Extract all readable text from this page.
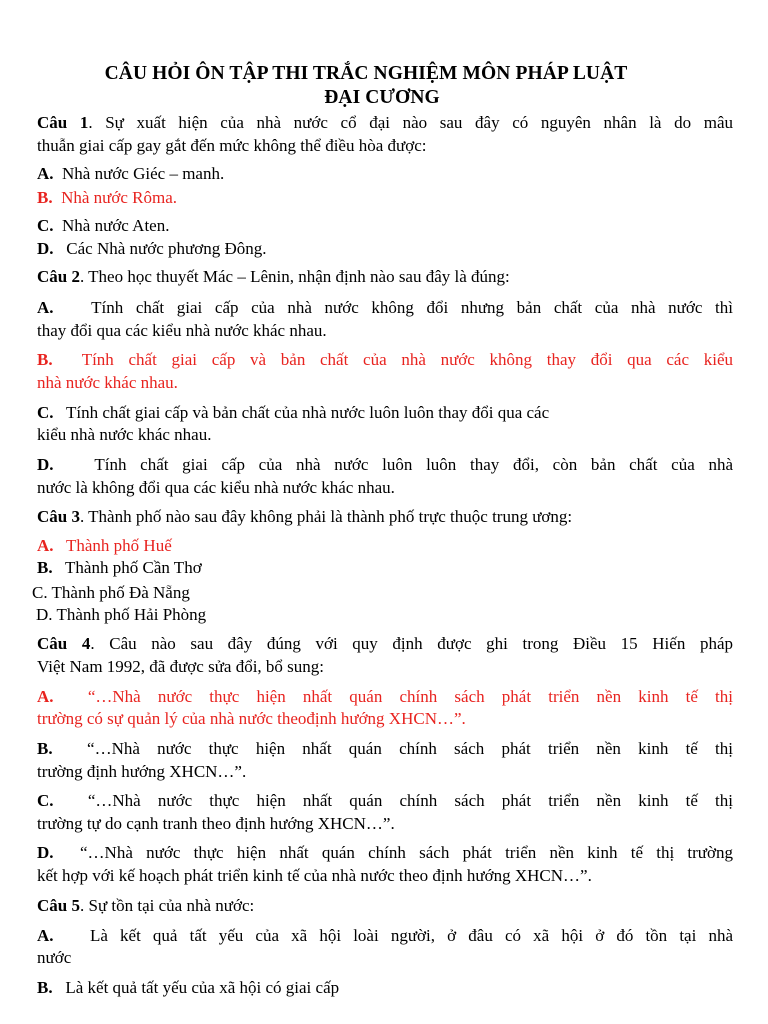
CÂU HỎI ÔN TẬP THI TRẮC NGHIỆM MÔN PHÁP LUẬT
ĐẠI CƯƠNG
Câu 1. Sự xuất hiện của nhà nước cổ đại nào sau đây có nguyên nhân là do mâu
thuẫn giai cấp gay gắt đến mức không thể điều hòa được:
A. Nhà nước Giéc – manh.
B. Nhà nước Rôma.
C. Nhà nước Aten.
D. Các Nhà nước phương Đông.
Câu 2. Theo học thuyết Mác – Lênin, nhận định nào sau đây là đúng:
A. Tính chất giai cấp của nhà nước không đổi nhưng bản chất của nhà nước thì
thay đổi qua các kiểu nhà nước khác nhau.
B. Tính chất giai cấp và bản chất của nhà nước không thay đổi qua các kiểu
nhà nước khác nhau.
C. Tính chất giai cấp và bản chất của nhà nước luôn luôn thay đổi qua các
kiểu nhà nước khác nhau.
D. Tính chất giai cấp của nhà nước luôn luôn thay đổi, còn bản chất của nhà
nước là không đổi qua các kiểu nhà nước khác nhau.
Câu 3. Thành phố nào sau đây không phải là thành phố trực thuộc trung ương:
A. Thành phố Huế
B. Thành phố Cần Thơ
C. Thành phố Đà Nẵng
D. Thành phố Hải Phòng
Câu 4. Câu nào sau đây đúng với quy định được ghi trong Điều 15 Hiến pháp
Việt Nam 1992, đã được sửa đổi, bổ sung:
A. “…Nhà nước thực hiện nhất quán chính sách phát triển nền kinh tế thị
trường có sự quản lý của nhà nước theođịnh hướng XHCN…”.
B. “…Nhà nước thực hiện nhất quán chính sách phát triển nền kinh tế thị
trường định hướng XHCN…”.
C. “…Nhà nước thực hiện nhất quán chính sách phát triển nền kinh tế thị
trường tự do cạnh tranh theo định hướng XHCN…”.
D. “…Nhà nước thực hiện nhất quán chính sách phát triển nền kinh tế thị trường
kết hợp với kế hoạch phát triển kinh tế của nhà nước theo định hướng XHCN…”.
Câu 5. Sự tồn tại của nhà nước:
A. Là kết quả tất yếu của xã hội loài người, ở đâu có xã hội ở đó tồn tại nhà
nước
B. Là kết quả tất yếu của xã hội có giai cấp
